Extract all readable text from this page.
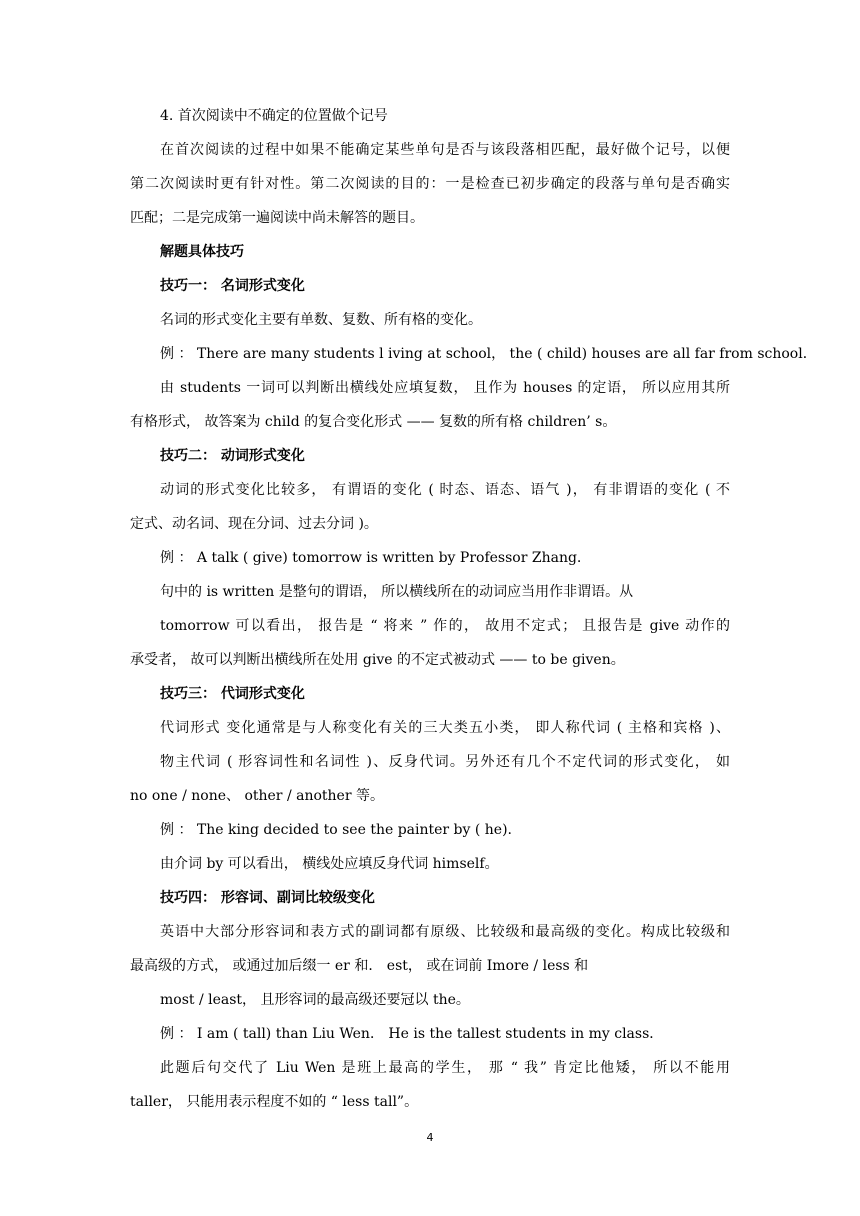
4. 首次阅读中不确定的位置做个记号
在首次阅读的过程中如果不能确定某些单句是否与该段落相匹配，最好做个记号，以便
第二次阅读时更有针对性。第二次阅读的目的：一是检查已初步确定的段落与单句是否确实
匹配；二是完成第一遍阅读中尚未解答的题目。
解题具体技巧
技巧一： 名词形式变化
名词的形式变化主要有单数、复数、所有格的变化。
例 ： There are many students l iving at school， the ( child) houses are all far from school．
由 students 一词可以判断出横线处应填复数， 且作为 houses 的定语， 所以应用其所
有格形式， 故答案为 child 的复合变化形式 —— 复数的所有格 children’ s。
技巧二： 动词形式变化
动词的形式变化比较多， 有谓语的变化 ( 时态、语态、语气 )， 有非谓语的变化 ( 不
定式、动名词、现在分词、过去分词 )。
例 ： A talk ( give) tomorrow is written by Professor Zhang.
句中的 is written 是整句的谓语， 所以横线所在的动词应当用作非谓语。从
tomorrow 可以看出， 报告是 “ 将来 ” 作的， 故用不定式； 且报告是 give 动作的
承受者， 故可以判断出横线所在处用 give 的不定式被动式 —— to be given。
技巧三： 代词形式变化
代词形式 变化通常是与人称变化有关的三大类五小类， 即人称代词 ( 主格和宾格 )、
物主代词 ( 形容词性和名词性 )、反身代词。另外还有几个不定代词的形式变化， 如
no one / none、 other / another 等。
例 ： The king decided to see the painter by ( he).
由介词 by 可以看出， 横线处应填反身代词 himself。
技巧四： 形容词、副词比较级变化
英语中大部分形容词和表方式的副词都有原级、比较级和最高级的变化。构成比较级和
最高级的方式， 或通过加后缀一 er 和． est， 或在词前 Imore / less 和
most / least， 且形容词的最高级还要冠以 the。
例 ： I am ( tall) than Liu Wen． He is the tallest students in my class．
此题后句交代了 Liu Wen 是班上最高的学生， 那 “ 我” 肯定比他矮， 所以不能用
taller， 只能用表示程度不如的 “ less tall”。
4
